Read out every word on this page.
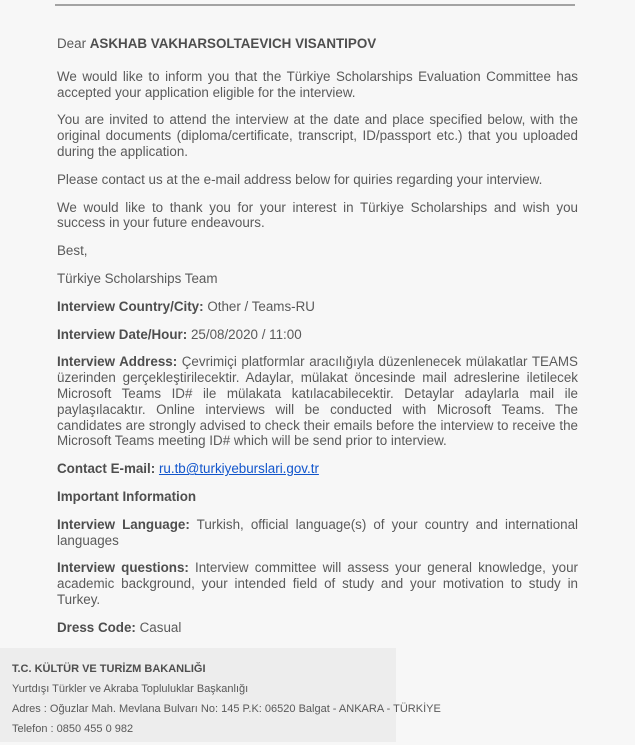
Dear ASKHAB VAKHARSOLTAEVICH VISANTIPOV

We would like to inform you that the Türkiye Scholarships Evaluation Committee has accepted your application eligible for the interview.

You are invited to attend the interview at the date and place specified below, with the original documents (diploma/certificate, transcript, ID/passport etc.) that you uploaded during the application.

Please contact us at the e-mail address below for quiries regarding your interview.

We would like to thank you for your interest in Türkiye Scholarships and wish you success in your future endeavours.

Best,

Türkiye Scholarships Team

Interview Country/City: Other / Teams-RU

Interview Date/Hour: 25/08/2020 / 11:00

Interview Address: Çevrimiçi platformlar aracılığıyla düzenlenecek mülakatlar TEAMS üzerinden gerçekleştirilecektir. Adaylar, mülakat öncesinde mail adreslerine iletilecek Microsoft Teams ID# ile mülakata katılacabilecektir. Detaylar adaylarla mail ile paylaşılacaktır. Online interviews will be conducted with Microsoft Teams. The candidates are strongly advised to check their emails before the interview to receive the Microsoft Teams meeting ID# which will be send prior to interview.

Contact E-mail: ru.tb@turkiyeburslari.gov.tr

Important Information

Interview Language: Turkish, official language(s) of your country and international languages

Interview questions: Interview committee will assess your general knowledge, your academic background, your intended field of study and your motivation to study in Turkey.

Dress Code: Casual

T.C. KÜLTÜR VE TURİZM BAKANLIĞI
Yurtdışı Türkler ve Akraba Topluluklar Başkanlığı
Adres : Oğuzlar Mah. Mevlana Bulvarı No: 145 P.K: 06520 Balgat - ANKARA - TÜRKİYE
Telefon : 0850 455 0 982
